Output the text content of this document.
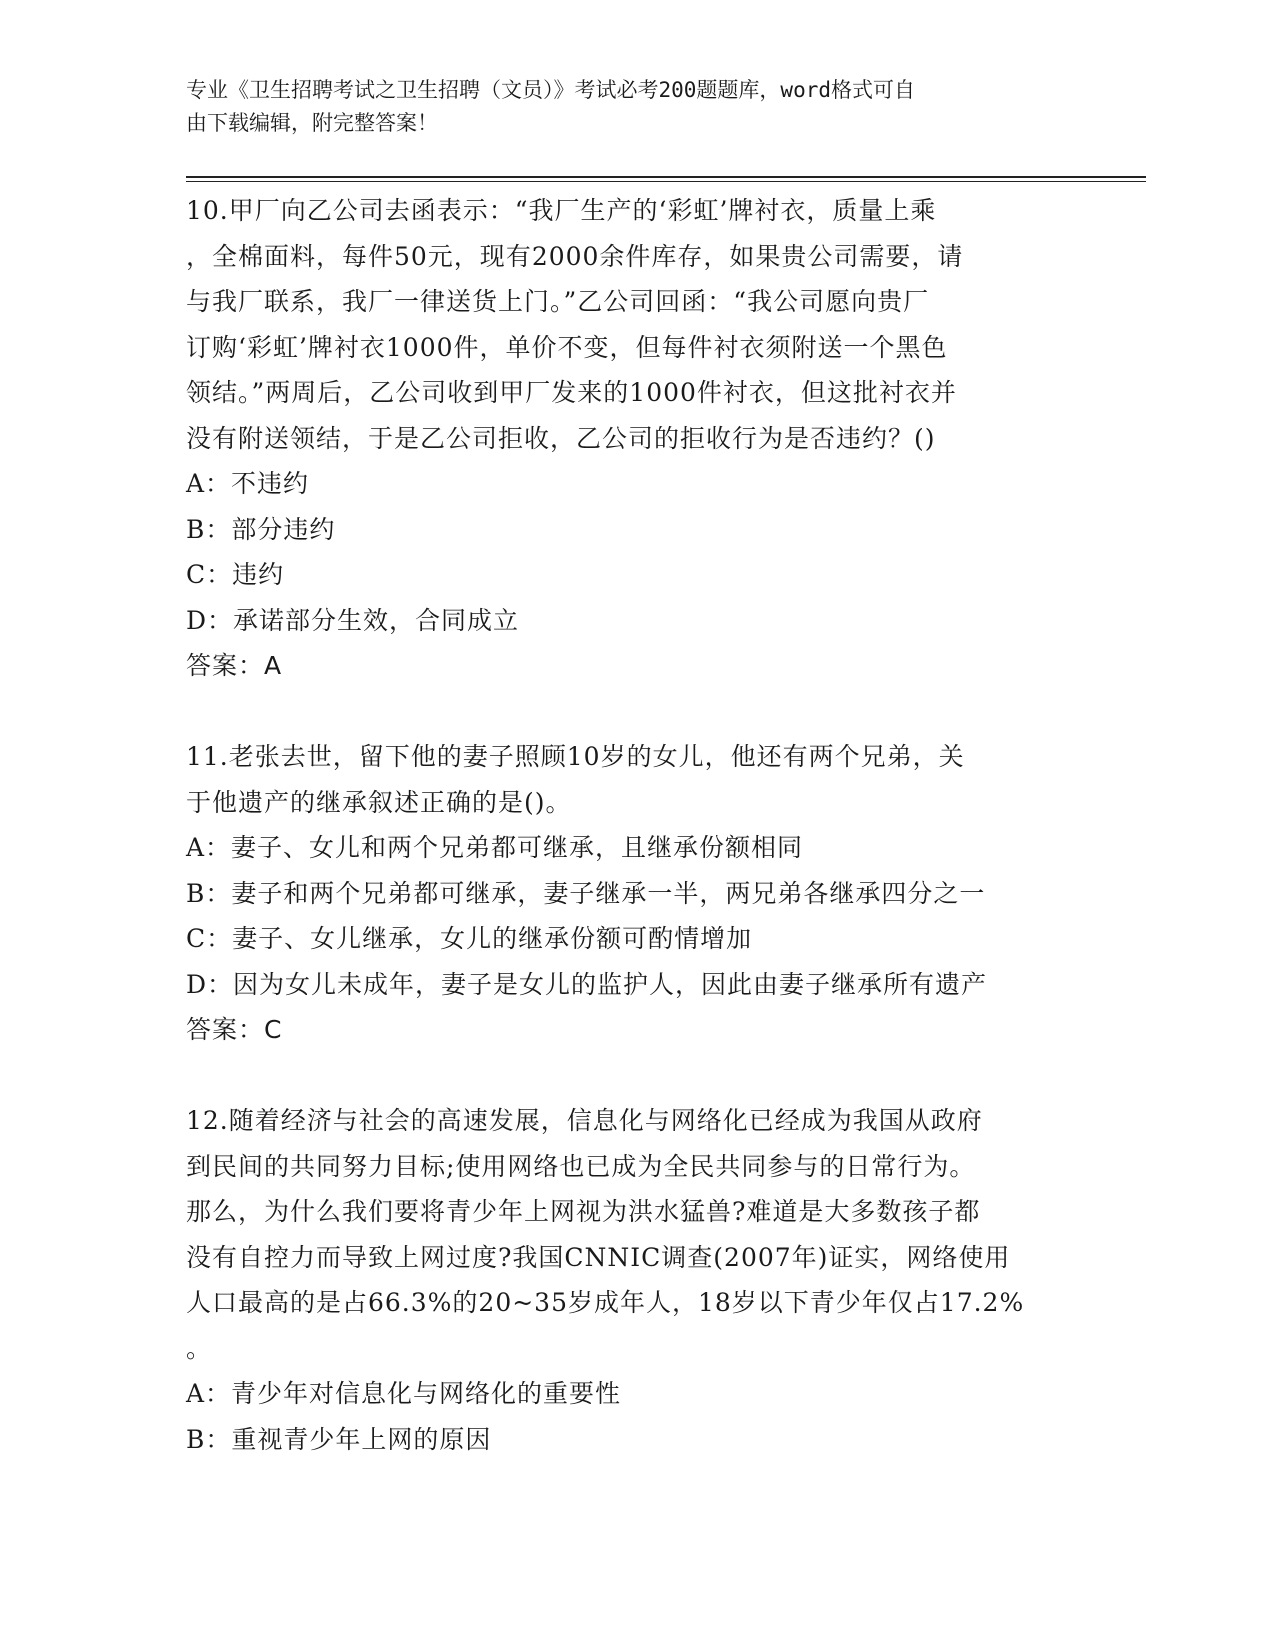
专业《卫生招聘考试之卫生招聘（文员）》考试必考200题题库，word格式可自
由下载编辑，附完整答案！

10.甲厂向乙公司去函表示：“我厂生产的‘彩虹’牌衬衣，质量上乘

，全棉面料，每件50元，现有2000余件库存，如果贵公司需要，请

与我厂联系，我厂一律送货上门。”乙公司回函：“我公司愿向贵厂

订购‘彩虹’牌衬衣1000件，单价不变，但每件衬衣须附送一个黑色

领结。”两周后，乙公司收到甲厂发来的1000件衬衣，但这批衬衣并

没有附送领结，于是乙公司拒收，乙公司的拒收行为是否违约？()

A：不违约

B：部分违约

C：违约

D：承诺部分生效，合同成立

答案：A

11.老张去世，留下他的妻子照顾10岁的女儿，他还有两个兄弟，关

于他遗产的继承叙述正确的是()。

A：妻子、女儿和两个兄弟都可继承，且继承份额相同

B：妻子和两个兄弟都可继承，妻子继承一半，两兄弟各继承四分之一

C：妻子、女儿继承，女儿的继承份额可酌情增加

D：因为女儿未成年，妻子是女儿的监护人，因此由妻子继承所有遗产

答案：C

12.随着经济与社会的高速发展，信息化与网络化已经成为我国从政府

到民间的共同努力目标;使用网络也已成为全民共同参与的日常行为。

那么，为什么我们要将青少年上网视为洪水猛兽?难道是大多数孩子都

没有自控力而导致上网过度?我国CNNIC调查(2007年)证实，网络使用

人口最高的是占66.3%的20~35岁成年人，18岁以下青少年仅占17.2%

。

A：青少年对信息化与网络化的重要性

B：重视青少年上网的原因
